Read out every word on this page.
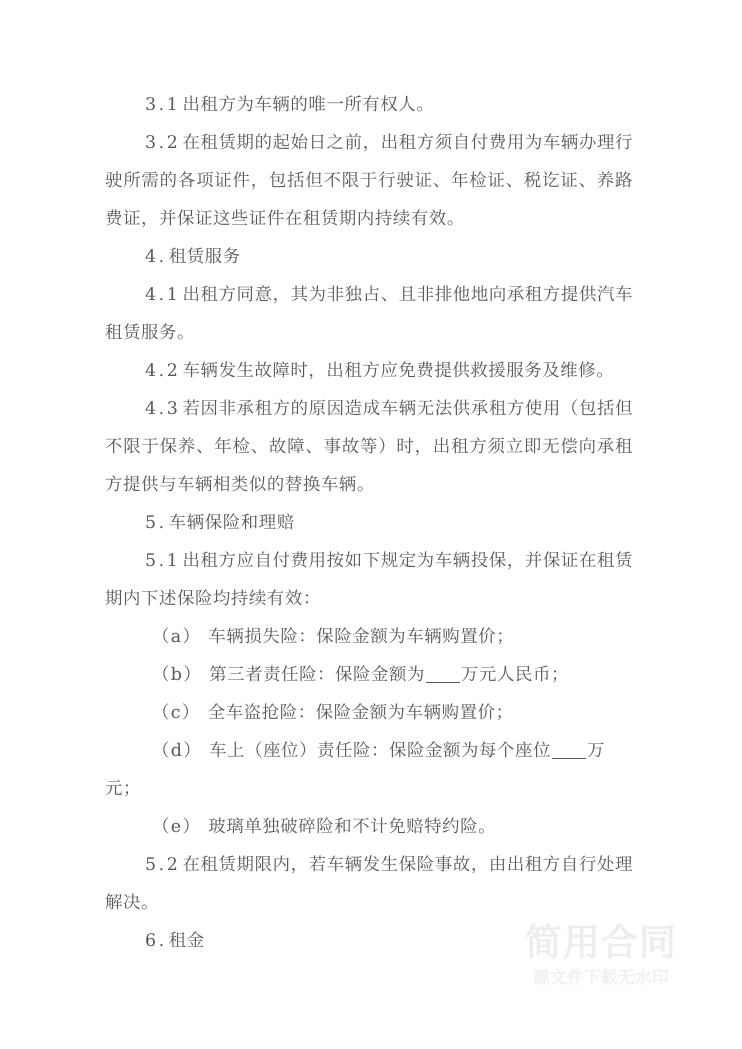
3.1 出租方为车辆的唯一所有权人。

3.2 在租赁期的起始日之前，出租方须自付费用为车辆办理行驶所需的各项证件，包括但不限于行驶证、年检证、税讫证、养路费证，并保证这些证件在租赁期内持续有效。

4. 租赁服务

4.1 出租方同意，其为非独占、且非排他地向承租方提供汽车租赁服务。

4.2 车辆发生故障时，出租方应免费提供救援服务及维修。

4.3 若因非承租方的原因造成车辆无法供承租方使用（包括但不限于保养、年检、故障、事故等）时，出租方须立即无偿向承租方提供与车辆相类似的替换车辆。

5. 车辆保险和理赔

5.1 出租方应自付费用按如下规定为车辆投保，并保证在租赁期内下述保险均持续有效：

（a） 车辆损失险：保险金额为车辆购置价；

（b） 第三者责任险：保险金额为 万元人民币；

（c） 全车盗抢险：保险金额为车辆购置价；

（d） 车上（座位）责任险：保险金额为每个座位 万元；

（e） 玻璃单独破碎险和不计免赔特约险。

5.2 在租赁期限内，若车辆发生保险事故，由出租方自行处理解决。

6. 租金	简用合同
源文件下载无水印
